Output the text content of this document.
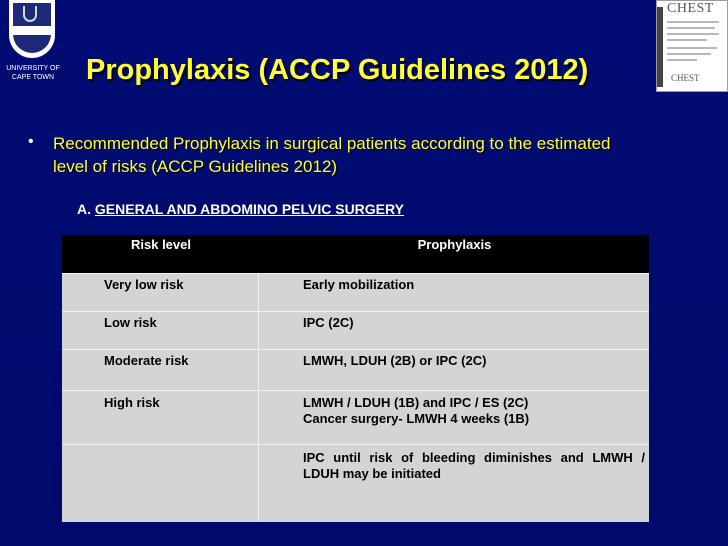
UNIVERSITY OF
CAPE TOWN	Prophylaxis (ACCP Guidelines 2012)
CHEST
CHEST
• Recommended Prophylaxis in surgical patients according to the estimated
level of risks (ACCP Guidelines 2012)
A. GENERAL AND ABDOMINO PELVIC SURGERY
Risk level	Prophylaxis
Very low risk	Early mobilization
Low risk	IPC (2C)
Moderate risk	LMWH, LDUH (2B) or IPC (2C)
High risk	LMWH / LDUH (1B) and IPC / ES (2C)
Cancer surgery- LMWH 4 weeks (1B)
IPC until risk of bleeding diminishes and LMWH /
LDUH may be initiated
